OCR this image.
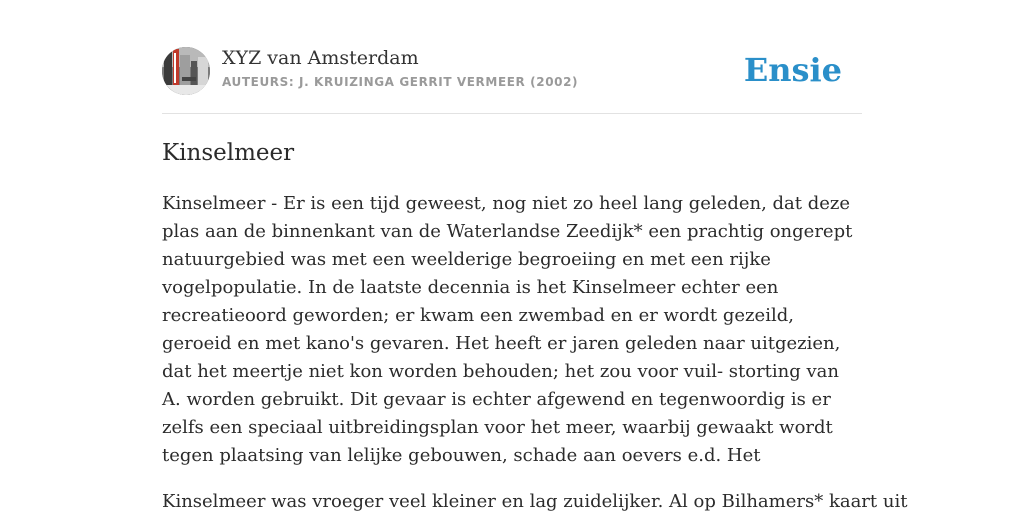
XYZ van Amsterdam
AUTEURS: J. KRUIZINGA GERRIT VERMEER (2002)	Ensie
Kinselmeer

Kinselmeer - Er is een tijd geweest, nog niet zo heel lang geleden, dat deze plas aan de binnenkant van de Waterlandse Zeedijk* een prachtig ongerept natuurgebied was met een weelderige begroeiing en met een rijke vogelpopulatie. In de laatste decennia is het Kinselmeer echter een recreatieoord geworden; er kwam een zwembad en er wordt gezeild, geroeid en met kano's gevaren. Het heeft er jaren geleden naar uitgezien, dat het meertje niet kon worden behouden; het zou voor vuil- storting van A. worden gebruikt. Dit gevaar is echter afgewend en tegenwoordig is er zelfs een speciaal uitbreidingsplan voor het meer, waarbij gewaakt wordt tegen plaatsing van lelijke gebouwen, schade aan oevers e.d. Het

Kinselmeer was vroeger veel kleiner en lag zuidelijker. Al op Bilhamers* kaart uit
